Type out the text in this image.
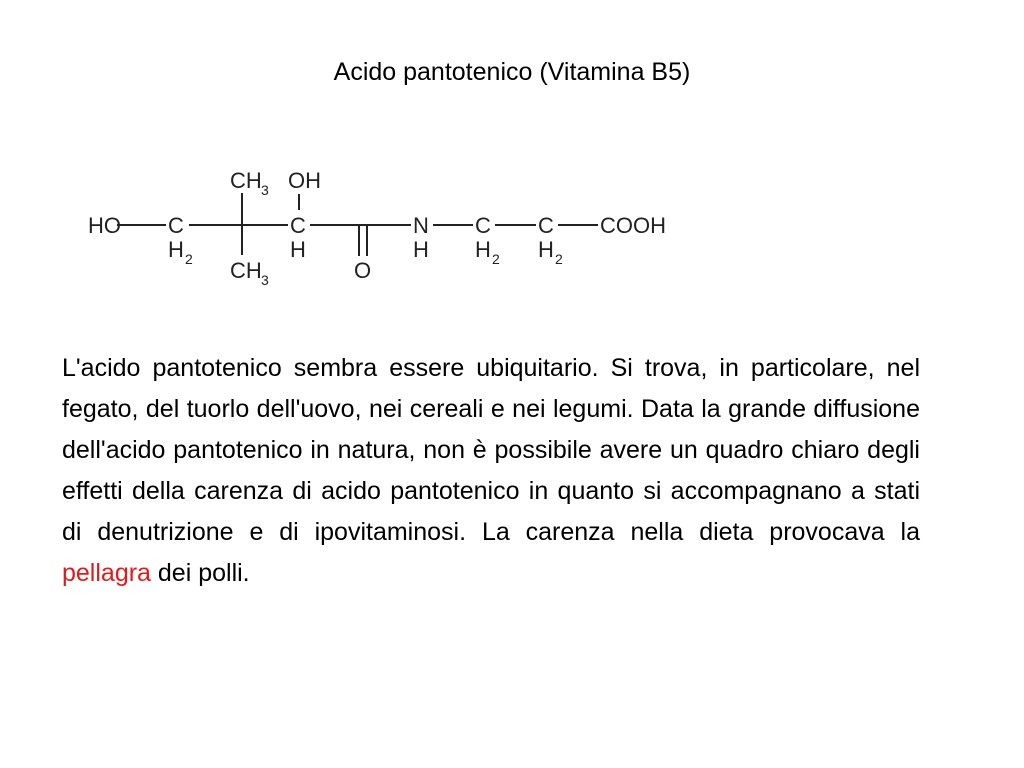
Acido pantotenico (Vitamina B5)
HO C
H 2
CH 3
CH 3
OH
C
H
O
N
H
C
H 2
C
H 2
COOH
L'acido pantotenico sembra essere ubiquitario. Si trova, in particolare, nel fegato, del tuorlo dell'uovo, nei cereali e nei legumi. Data la grande diffusione dell'acido pantotenico in natura, non è possibile avere un quadro chiaro degli effetti della carenza di acido pantotenico in quanto si accompagnano a stati di denutrizione e di ipovitaminosi. La carenza nella dieta provocava la pellagra dei polli.
